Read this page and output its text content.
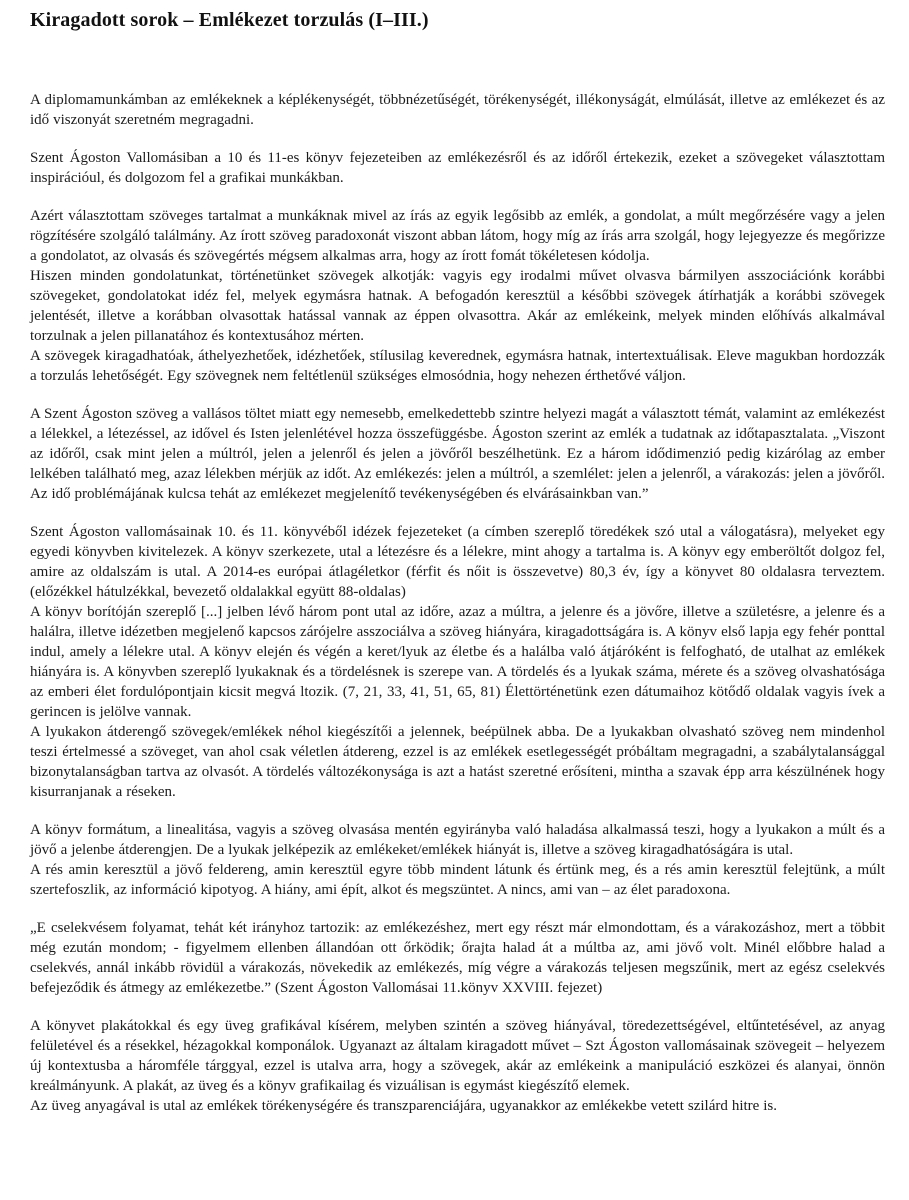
Kiragadott sorok – Emlékezet torzulás (I–III.)

A diplomamunkámban az emlékeknek a képlékenységét, többnézetűségét, törékenységét, illékonyságát, elmúlását, illetve az emlékezet és az idő viszonyát szeretném megragadni.

Szent Ágoston Vallomásiban a 10 és 11-es könyv fejezeteiben az emlékezésről és az időről értekezik, ezeket a szövegeket választottam inspirációul, és dolgozom fel a grafikai munkákban.

Azért választottam szöveges tartalmat a munkáknak mivel az írás az egyik legősibb az emlék, a gondolat, a múlt megőrzésére vagy a jelen rögzítésére szolgáló találmány. Az írott szöveg paradoxonát viszont abban látom, hogy míg az írás arra szolgál, hogy lejegyezze és megőrizze a gondolatot, az olvasás és szövegértés mégsem alkalmas arra, hogy az írott fomát tökéletesen kódolja.

Hiszen minden gondolatunkat, történetünket szövegek alkotják: vagyis egy irodalmi művet olvasva bármilyen asszociációnk korábbi szövegeket, gondolatokat idéz fel, melyek egymásra hatnak. A befogadón keresztül a későbbi szövegek átírhatják a korábbi szövegek jelentését, illetve a korábban olvasottak hatással vannak az éppen olvasottra. Akár az emlékeink, melyek minden előhívás alkalmával torzulnak a jelen pillanatához és kontextusához mérten.

A szövegek kiragadhatóak, áthelyezhetőek, idézhetőek, stílusilag keverednek, egymásra hatnak, intertextuálisak. Eleve magukban hordozzák a torzulás lehetőségét. Egy szövegnek nem feltétlenül szükséges elmosódnia, hogy nehezen érthetővé váljon.

A Szent Ágoston szöveg a vallásos töltet miatt egy nemesebb, emelkedettebb szintre helyezi magát a választott témát, valamint az emlékezést a lélekkel, a létezéssel, az idővel és Isten jelenlétével hozza összefüggésbe. Ágoston szerint az emlék a tudatnak az időtapasztalata. „Viszont az időről, csak mint jelen a múltról, jelen a jelenről és jelen a jövőről beszélhetünk. Ez a három idődimenzió pedig kizárólag az ember lelkében található meg, azaz lélekben mérjük az időt. Az emlékezés: jelen a múltról, a szemlélet: jelen a jelenről, a várakozás: jelen a jövőről. Az idő problémájának kulcsa tehát az emlékezet megjelenítő tevékenységében és elvárásainkban van.”

Szent Ágoston vallomásainak 10. és 11. könyvéből idézek fejezeteket (a címben szereplő töredékek szó utal a válogatásra), melyeket egy egyedi könyvben kivitelezek. A könyv szerkezete, utal a létezésre és a lélekre, mint ahogy a tartalma is. A könyv egy emberöltőt dolgoz fel, amire az oldalszám is utal. A 2014-es európai átlagéletkor (férfit és nőit is összevetve) 80,3 év, így a könyvet 80 oldalasra terveztem. (előzékkel hátulzékkal, bevezető oldalakkal együtt 88-oldalas)

A könyv borítóján szereplő [...] jelben lévő három pont utal az időre, azaz a múltra, a jelenre és a jövőre, illetve a születésre, a jelenre és a halálra, illetve idézetben megjelenő kapcsos zárójelre asszociálva a szöveg hiányára, kiragadottságára is. A könyv első lapja egy fehér ponttal indul, amely a lélekre utal. A könyv elején és végén a keret/lyuk az életbe és a halálba való átjáróként is felfogható, de utalhat az emlékek hiányára is. A könyvben szereplő lyukaknak és a tördelésnek is szerepe van. A tördelés és a lyukak száma, mérete és a szöveg olvashatósága az emberi élet fordulópontjain kicsit megvá ltozik. (7, 21, 33, 41, 51, 65, 81) Élettörténetünk ezen dátumaihoz kötődő oldalak vagyis ívek a gerincen is jelölve vannak.

A lyukakon átderengő szövegek/emlékek néhol kiegészítői a jelennek, beépülnek abba. De a lyukakban olvasható szöveg nem mindenhol teszi értelmessé a szöveget, van ahol csak véletlen átdereng, ezzel is az emlékek esetlegességét próbáltam megragadni, a szabálytalansággal bizonytalanságban tartva az olvasót. A tördelés változékonysága is azt a hatást szeretné erősíteni, mintha a szavak épp arra készülnének hogy kisurranjanak a réseken.

A könyv formátum, a linealitása, vagyis a szöveg olvasása mentén egyirányba való haladása alkalmassá teszi, hogy a lyukakon a múlt és a jövő a jelenbe átderengjen. De a lyukak jelképezik az emlékeket/emlékek hiányát is, illetve a szöveg kiragadhatóságára is utal.

A rés amin keresztül a jövő feldereng, amin keresztül egyre több mindent látunk és értünk meg, és a rés amin keresztül felejtünk, a múlt szertefoszlik, az információ kipotyog. A hiány, ami épít, alkot és megszüntet. A nincs, ami van – az élet paradoxona.

„E cselekvésem folyamat, tehát két irányhoz tartozik: az emlékezéshez, mert egy részt már elmondottam, és a várakozáshoz, mert a többit még ezután mondom; - figyelmem ellenben állandóan ott őrködik; őrajta halad át a múltba az, ami jövő volt. Minél előbbre halad a cselekvés, annál inkább rövidül a várakozás, növekedik az emlékezés, míg végre a várakozás teljesen megszűnik, mert az egész cselekvés befejeződik és átmegy az emlékezetbe.” (Szent Ágoston Vallomásai 11.könyv XXVIII. fejezet)

A könyvet plakátokkal és egy üveg grafikával kísérem, melyben szintén a szöveg hiányával, töredezettségével, eltűntetésével, az anyag felületével és a résekkel, hézagokkal komponálok. Ugyanazt az általam kiragadott művet – Szt Ágoston vallomásainak szövegeit – helyezem új kontextusba a háromféle tárggyal, ezzel is utalva arra, hogy a szövegek, akár az emlékeink a manipuláció eszközei és alanyai, önnön kreálmányunk. A plakát, az üveg és a könyv grafikailag és vizuálisan is egymást kiegészítő elemek.

Az üveg anyagával is utal az emlékek törékenységére és transzparenciájára, ugyanakkor az emlékekbe vetett szilárd hitre is.
